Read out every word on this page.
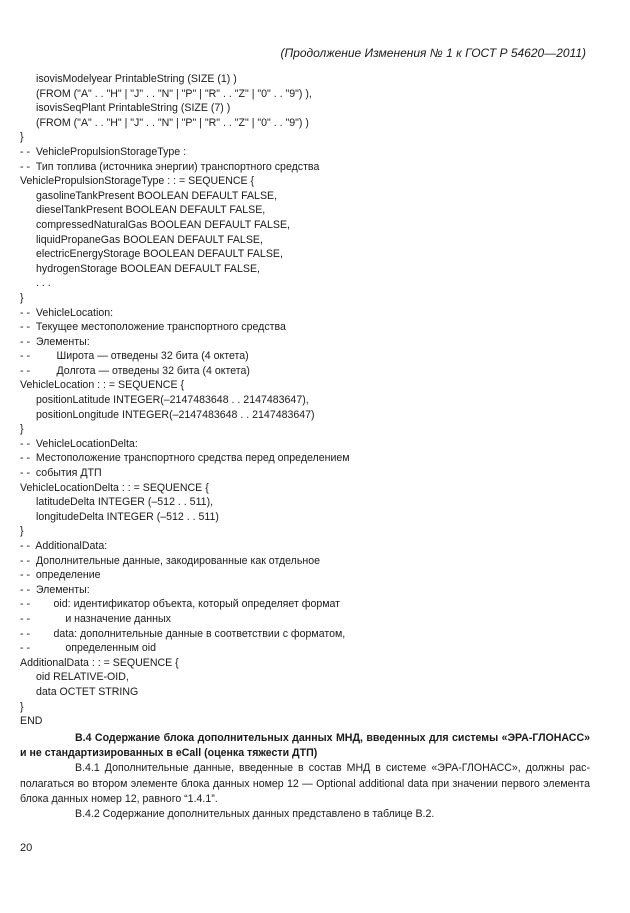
(Продолжение Изменения № 1 к ГОСТ Р 54620—2011)
isovisModelyear PrintableString (SIZE (1) )
(FROM ("A" . . "H" | "J" . . "N" | "P" | "R" . . "Z" | "0" . . "9") ),
isovisSeqPlant PrintableString (SIZE (7) )
(FROM ("A" . . "H" | "J" . . "N" | "P" | "R" . . "Z" | "0" . . "9") )
}
- -  VehiclePropulsionStorageType :
- -  Тип топлива (источника энергии) транспортного средства
VehiclePropulsionStorageType : : = SEQUENCE {
gasolineTankPresent BOOLEAN DEFAULT FALSE,
dieselTankPresent BOOLEAN DEFAULT FALSE,
compressedNaturalGas BOOLEAN DEFAULT FALSE,
liquidPropaneGas BOOLEAN DEFAULT FALSE,
electricEnergyStorage BOOLEAN DEFAULT FALSE,
hydrogenStorage BOOLEAN DEFAULT FALSE,
. . .
}
- -  VehicleLocation:
- -  Текущее местоположение транспортного средства
- -  Элементы:
- -         Широта — отведены 32 бита (4 октета)
- -         Долгота — отведены 32 бита (4 октета)
VehicleLocation : : = SEQUENCE {
positionLatitude INTEGER(–2147483648 . . 2147483647),
positionLongitude INTEGER(–2147483648 . . 2147483647)
}
- -  VehicleLocationDelta:
- -  Местоположение транспортного средства перед определением
- -  события ДТП
VehicleLocationDelta : : = SEQUENCE {
latitudeDelta INTEGER (–512 . . 511),
longitudeDelta INTEGER (–512 . . 511)
}
- -  AdditionalData:
- -  Дополнительные данные, закодированные как отдельное
- -  определение
- -  Элементы:
- -        oid: идентификатор объекта, который определяет формат
- -            и назначение данных
- -        data: дополнительные данные в соответствии с форматом,
- -            определенным oid
AdditionalData : : = SEQUENCE {
oid RELATIVE-OID,
data OCTET STRING
}
END

В.4 Содержание блока дополнительных данных МНД, введенных для системы «ЭРА-ГЛОНАСС» и не стандартизированных в eCall (оценка тяжести ДТП)

В.4.1 Дополнительные данные, введенные в состав МНД в системе «ЭРА-ГЛОНАСС», должны рас-полагаться во втором элементе блока данных номер 12 — Optional additional data при значении первого элемента блока данных номер 12, равного “1.4.1”.

В.4.2 Содержание дополнительных данных представлено в таблице В.2.

20
